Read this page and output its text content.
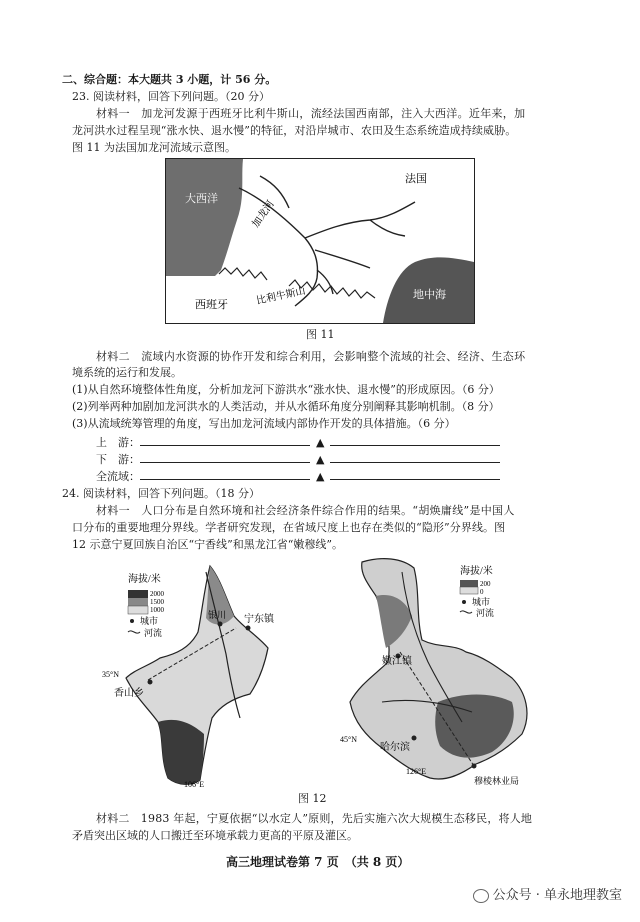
二、综合题：本大题共 3 小题，计 56 分。
23. 阅读材料，回答下列问题。（20 分）
材料一　加龙河发源于西班牙比利牛斯山，流经法国西南部，注入大西洋。近年来，加
龙河洪水过程呈现“涨水快、退水慢”的特征，对沿岸城市、农田及生态系统造成持续威胁。
图 11 为法国加龙河流域示意图。
大西洋
法国
加龙河
西班牙	比利牛斯山	地中海
图 11
材料二　流域内水资源的协作开发和综合利用，会影响整个流域的社会、经济、生态环
境系统的运行和发展。
(1)从自然环境整体性角度，分析加龙河下游洪水“涨水快、退水慢”的形成原因。（6 分）
(2)列举两种加剧加龙河洪水的人类活动，并从水循环角度分别阐释其影响机制。（8 分）
(3)从流域统筹管理的角度，写出加龙河流域内部协作开发的具体措施。（6 分）
上　游：	▲
下　游：	▲
全流域：	▲
24. 阅读材料，回答下列问题。（18 分）
材料一　人口分布是自然环境和社会经济条件综合作用的结果。“胡焕庸线”是中国人
口分布的重要地理分界线。学者研究发现，在省域尺度上也存在类似的“隐形”分界线。图
12 示意宁夏回族自治区“宁香线”和黑龙江省“嫩穆线”。
银川 宁东镇
香山乡
35°N
106°E
海拔/米
2000
1500
1000
城市
河流
嫩江镇
哈尔滨
穆棱林业局
45°N
126°E
海拔/米
200
0
城市
河流
图 12
材料二　1983 年起，宁夏依据“以水定人”原则，先后实施六次大规模生态移民，将人地
矛盾突出区域的人口搬迁至环境承载力更高的平原及灌区。
高三地理试卷第 7 页　（共 8 页）
公众号 · 单永地理教室
